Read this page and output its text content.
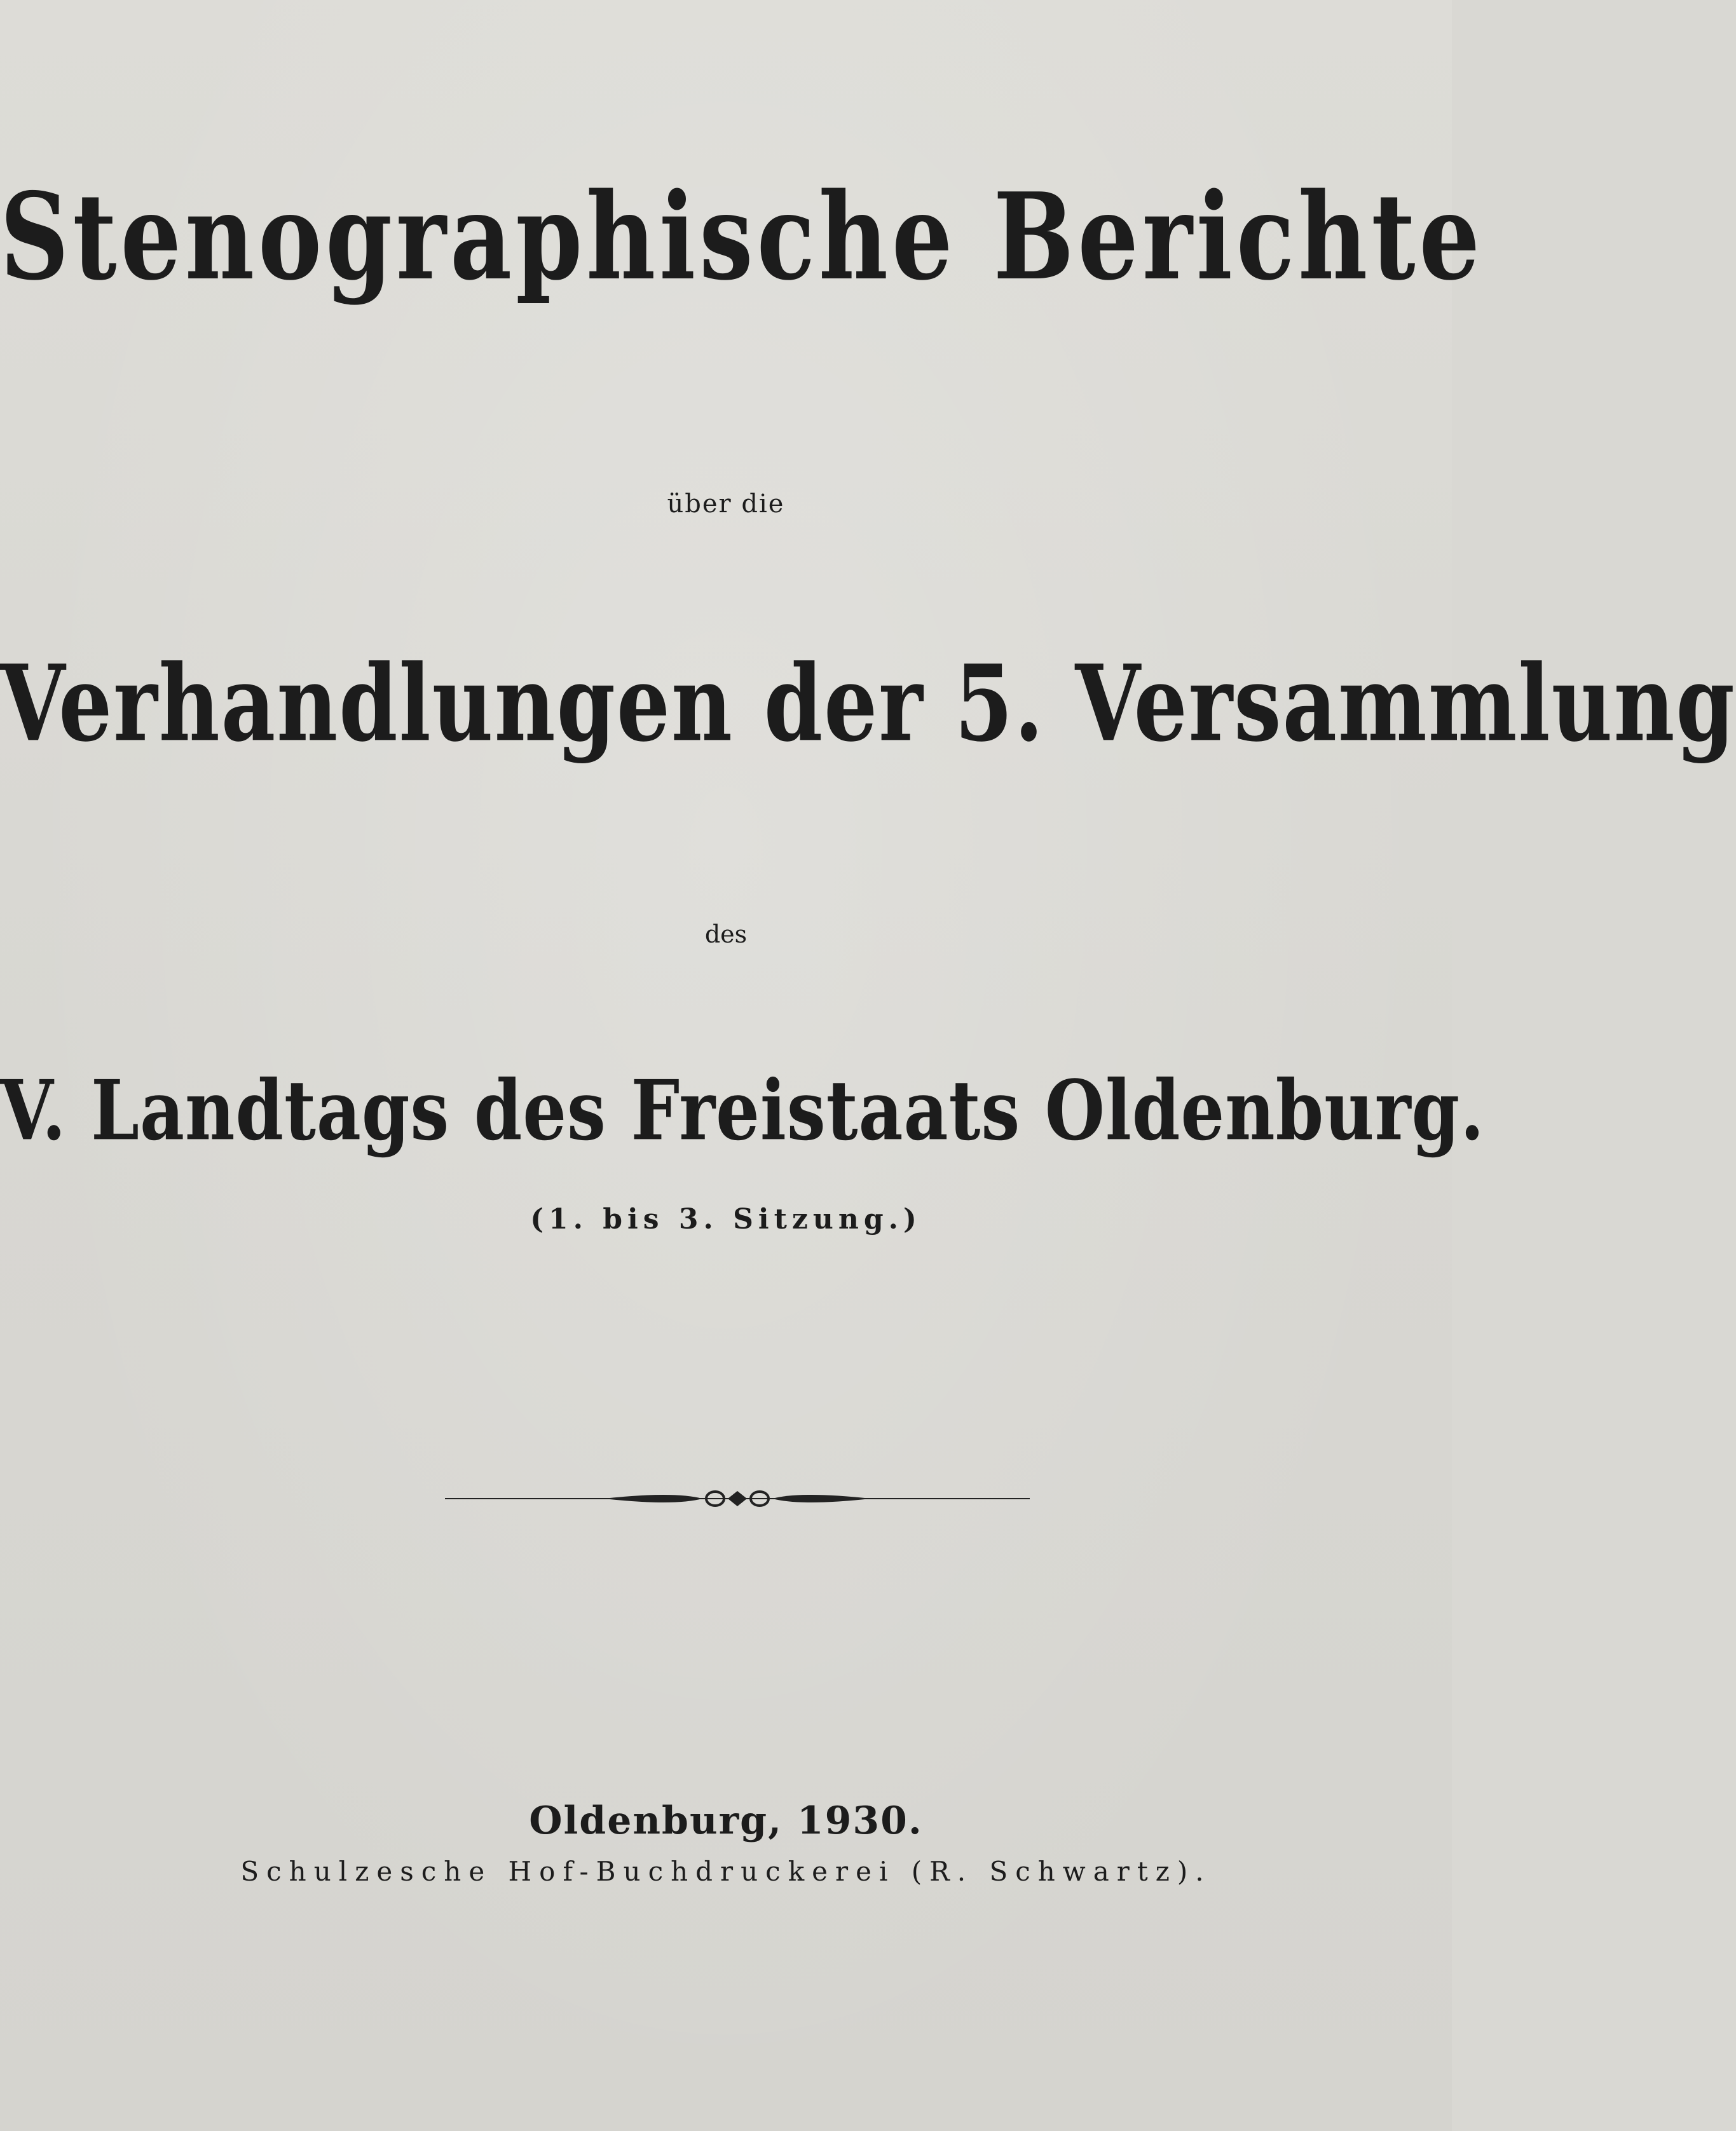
Stenographische Berichte

über die

Verhandlungen der 5. Versammlung

des

V. Landtags des Freistaats Oldenburg.

(1. bis 3. Sitzung.)

Oldenburg, 1930.

Schulzesche Hof-Buchdruckerei (R. Schwartz).
